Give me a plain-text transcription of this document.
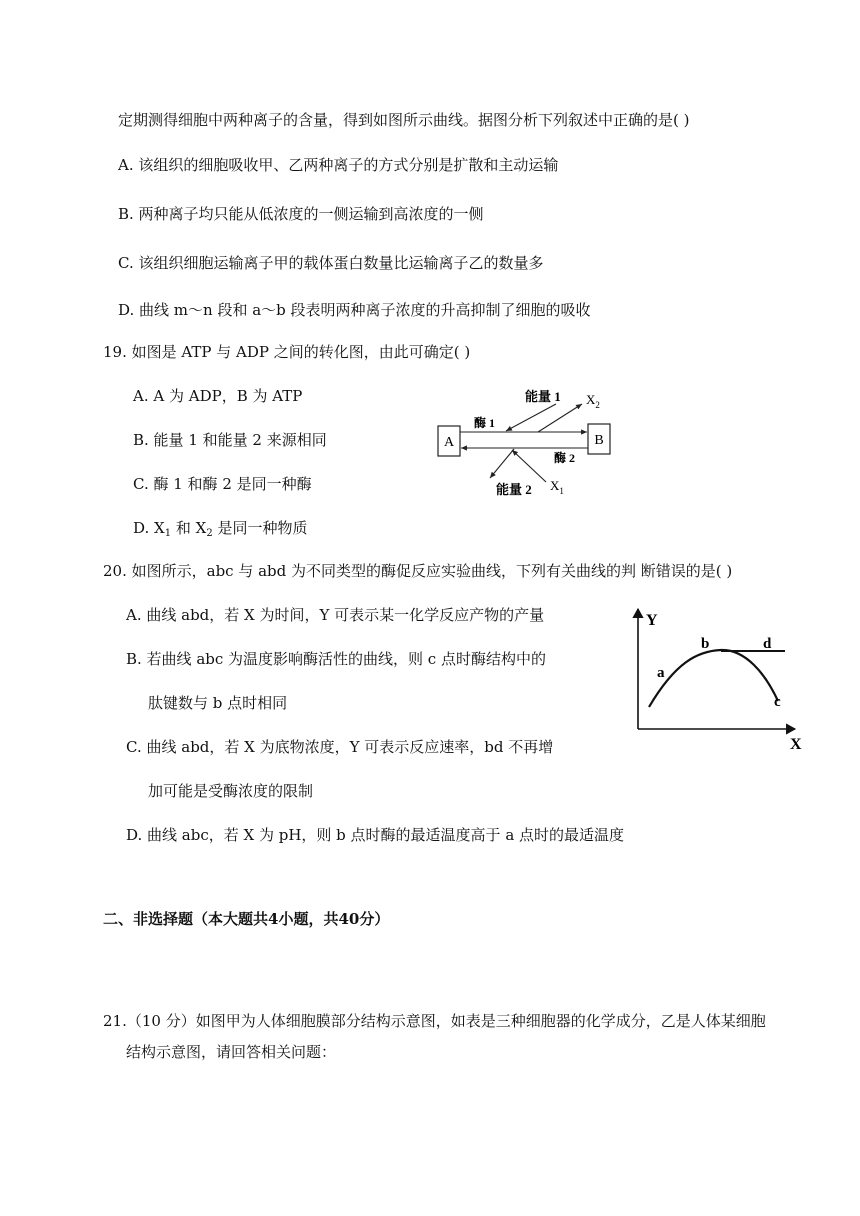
定期测得细胞中两种离子的含量，得到如图所示曲线。据图分析下列叙述中正确的是( )
A. 该组织的细胞吸收甲、乙两种离子的方式分别是扩散和主动运输
B. 两种离子均只能从低浓度的一侧运输到高浓度的一侧
C. 该组织细胞运输离子甲的载体蛋白数量比运输离子乙的数量多
D. 曲线 m～n 段和 a～b 段表明两种离子浓度的升高抑制了细胞的吸收
19. 如图是 ATP 与 ADP 之间的转化图，由此可确定( )
A. A 为 ADP，B 为 ATP
B. 能量 1 和能量 2 来源相同
C. 酶 1 和酶 2 是同一种酶
D. $X_1$ 和 $X_2$ 是同一种物质
A	B
能量 1 $X_2$
酶 1
酶 2
能量 2 $X_1$
20. 如图所示，abc 与 abd 为不同类型的酶促反应实验曲线，下列有关曲线的判 断错误的是( )
A. 曲线 abd，若 X 为时间，Y 可表示某一化学反应产物的产量
B. 若曲线 abc 为温度影响酶活性的曲线，则 c 点时酶结构中的
肽键数与 b 点时相同
C. 曲线 abd，若 X 为底物浓度，Y 可表示反应速率，bd 不再增
加可能是受酶浓度的限制
D. 曲线 abc，若 X 为 pH，则 b 点时酶的最适温度高于 a 点时的最适温度
Y
X
a
b	d
c
二、非选择题（本大题共4小题，共40分）
21.（10 分）如图甲为人体细胞膜部分结构示意图，如表是三种细胞器的化学成分，乙是人体某细胞
结构示意图，请回答相关问题：
